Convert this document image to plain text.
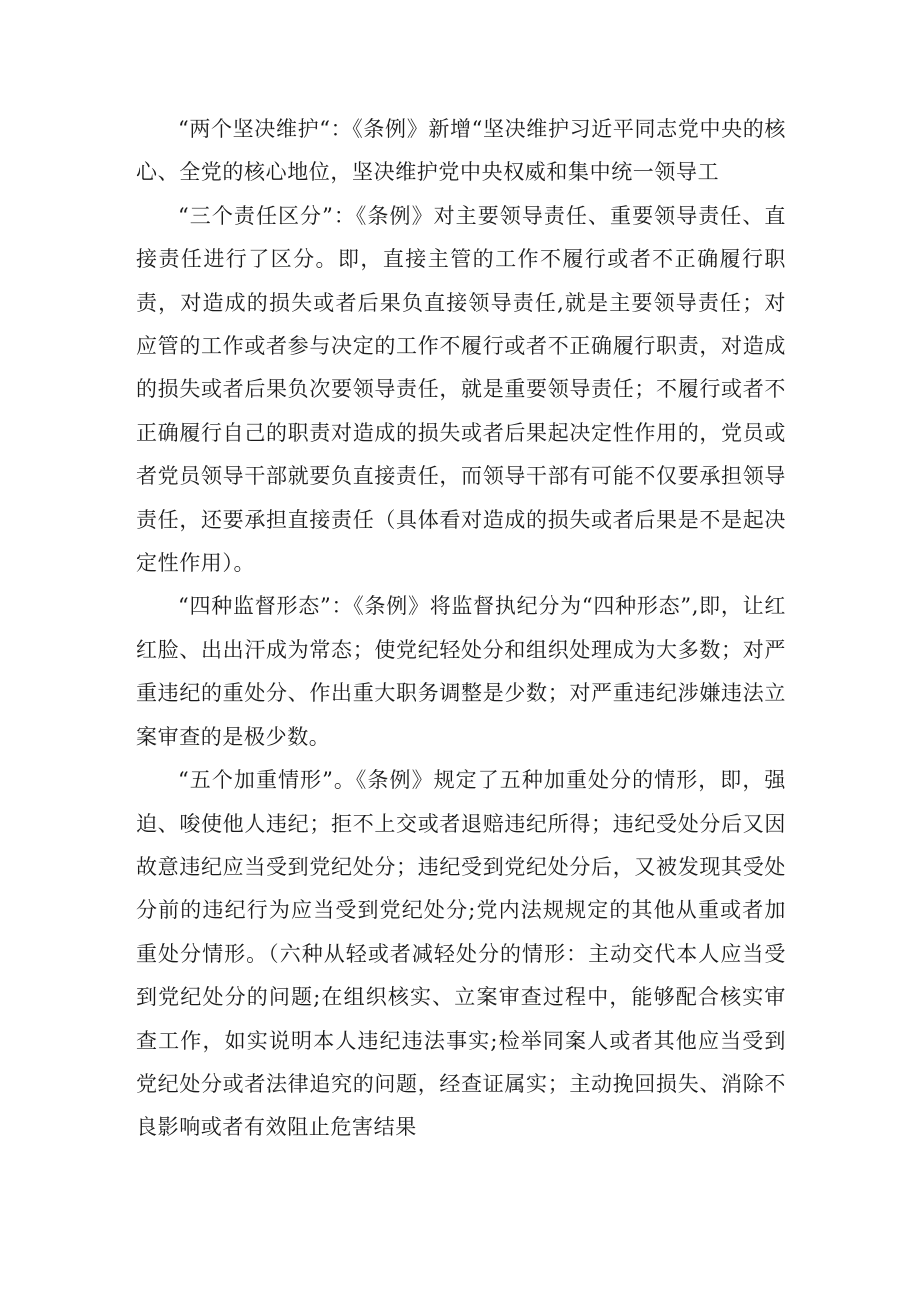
“两个坚决维护“：《条例》新增“坚决维护习近平同志党中央的核心、全党的核心地位，坚决维护党中央权威和集中统一领导工

“三个责任区分”：《条例》对主要领导责任、重要领导责任、直接责任进行了区分。即，直接主管的工作不履行或者不正确履行职责，对造成的损失或者后果负直接领导责任,就是主要领导责任；对应管的工作或者参与决定的工作不履行或者不正确履行职责，对造成的损失或者后果负次要领导责任，就是重要领导责任；不履行或者不正确履行自己的职责对造成的损失或者后果起决定性作用的，党员或者党员领导干部就要负直接责任，而领导干部有可能不仅要承担领导责任，还要承担直接责任（具体看对造成的损失或者后果是不是起决定性作用）。

“四种监督形态”：《条例》将监督执纪分为“四种形态”,即，让红红脸、出出汗成为常态；使党纪轻处分和组织处理成为大多数；对严重违纪的重处分、作出重大职务调整是少数；对严重违纪涉嫌违法立案审查的是极少数。

“五个加重情形”。《条例》规定了五种加重处分的情形，即，强迫、唆使他人违纪；拒不上交或者退赔违纪所得；违纪受处分后又因故意违纪应当受到党纪处分；违纪受到党纪处分后，又被发现其受处分前的违纪行为应当受到党纪处分;党内法规规定的其他从重或者加重处分情形。（六种从轻或者减轻处分的情形：主动交代本人应当受到党纪处分的问题;在组织核实、立案审查过程中，能够配合核实审查工作，如实说明本人违纪违法事实;检举同案人或者其他应当受到党纪处分或者法律追究的问题，经查证属实；主动挽回损失、消除不良影响或者有效阻止危害结果
